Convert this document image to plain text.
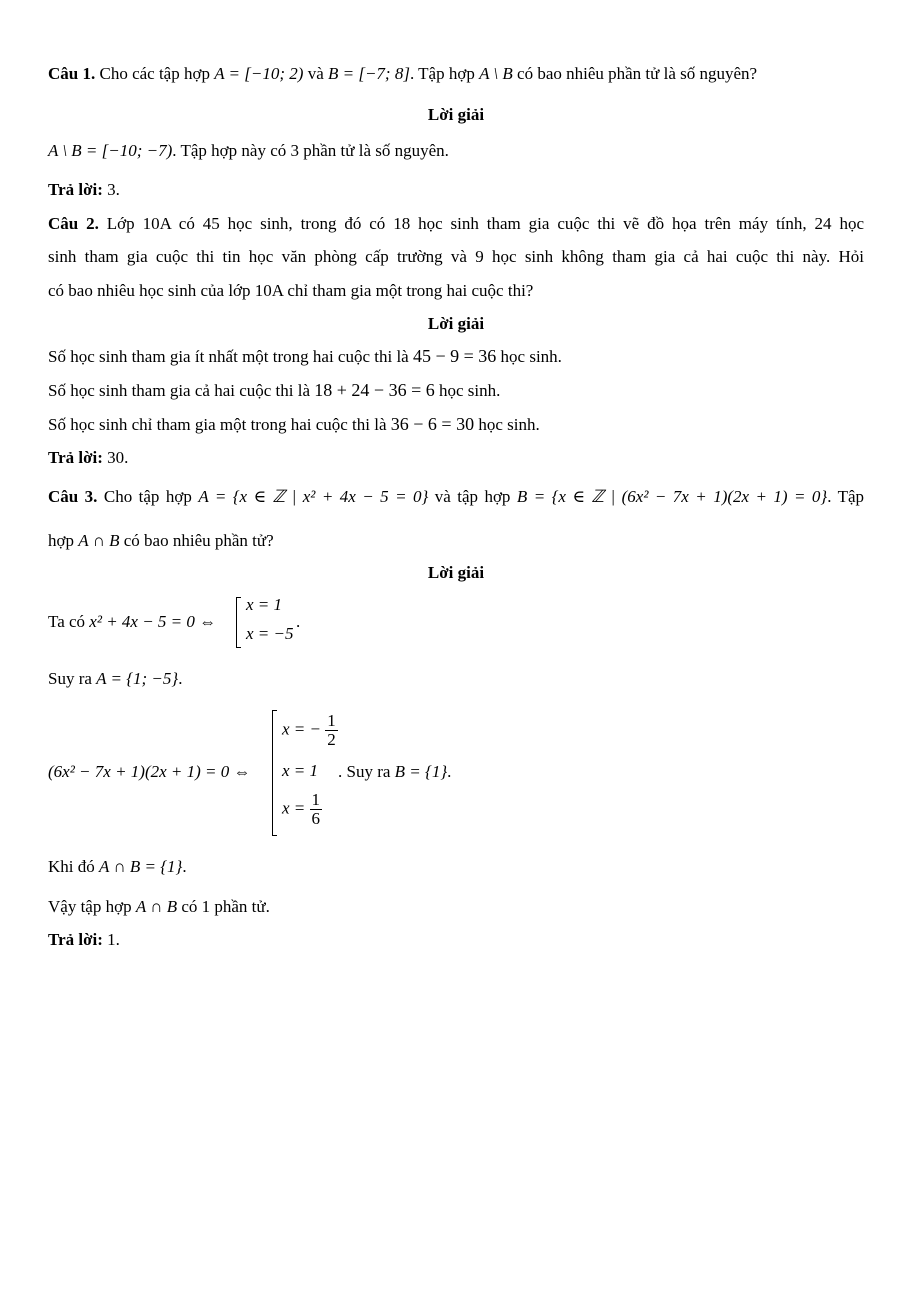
Câu 1. Cho các tập hợp A = [−10; 2) và B = [−7; 8]. Tập hợp A \ B có bao nhiêu phần tử là số nguyên?
Lời giải
A \ B = [−10; −7). Tập hợp này có 3 phần tử là số nguyên.
Trả lời: 3.
Câu 2. Lớp 10A có 45 học sinh, trong đó có 18 học sinh tham gia cuộc thi vẽ đồ họa trên máy tính, 24 học
sinh tham gia cuộc thi tin học văn phòng cấp trường và 9 học sinh không tham gia cả hai cuộc thi này. Hỏi
có bao nhiêu học sinh của lớp 10A chỉ tham gia một trong hai cuộc thi?
Lời giải
Số học sinh tham gia ít nhất một trong hai cuộc thi là 45 − 9 = 36 học sinh.
Số học sinh tham gia cả hai cuộc thi là 18 + 24 − 36 = 6 học sinh.
Số học sinh chỉ tham gia một trong hai cuộc thi là 36 − 6 = 30 học sinh.
Trả lời: 30.
Câu 3. Cho tập hợp A = {x ∈ ℤ | x² + 4x − 5 = 0} và tập hợp B = {x ∈ ℤ | (6x² − 7x + 1)(2x + 1) = 0}. Tập
hợp A ∩ B có bao nhiêu phần tử?
Lời giải
Ta có x² + 4x − 5 = 0 ⇔
x = 1
x = −5
.
Suy ra A = {1; −5}.
(6x² − 7x + 1)(2x + 1) = 0 ⇔
x = − $\frac{1}{2}$
x = 1
$x = \frac{1}{6}$
. Suy ra B = {1}.
Khi đó A ∩ B = {1}.
Vậy tập hợp A ∩ B có 1 phần tử.
Trả lời: 1.
